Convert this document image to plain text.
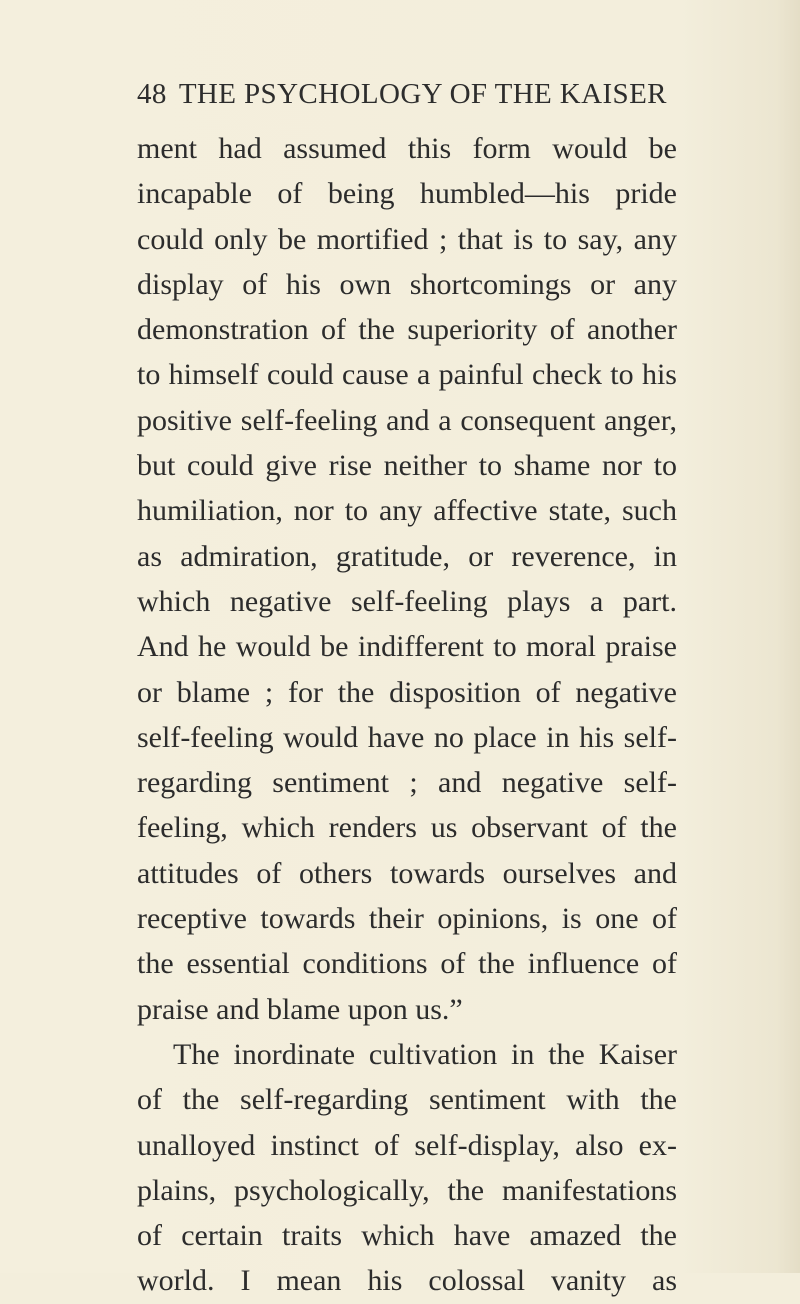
48 THE PSYCHOLOGY OF THE KAISER
ment had assumed this form would be
incapable of being humbled—his pride
could only be mortified ; that is to say, any
display of his own shortcomings or any
demonstration of the superiority of another
to himself could cause a painful check to his
positive self-feeling and a consequent anger,
but could give rise neither to shame nor to
humiliation, nor to any affective state, such
as admiration, gratitude, or reverence, in
which negative self-feeling plays a part.
And he would be indifferent to moral praise
or blame ; for the disposition of negative
self-feeling would have no place in his self-
regarding sentiment ; and negative self-
feeling, which renders us observant of the
attitudes of others towards ourselves and
receptive towards their opinions, is one of
the essential conditions of the influence of
praise and blame upon us.”
The inordinate cultivation in the Kaiser
of the self-regarding sentiment with the
unalloyed instinct of self-display, also ex-
plains, psychologically, the manifestations
of certain traits which have amazed the
world. I mean his colossal vanity as
